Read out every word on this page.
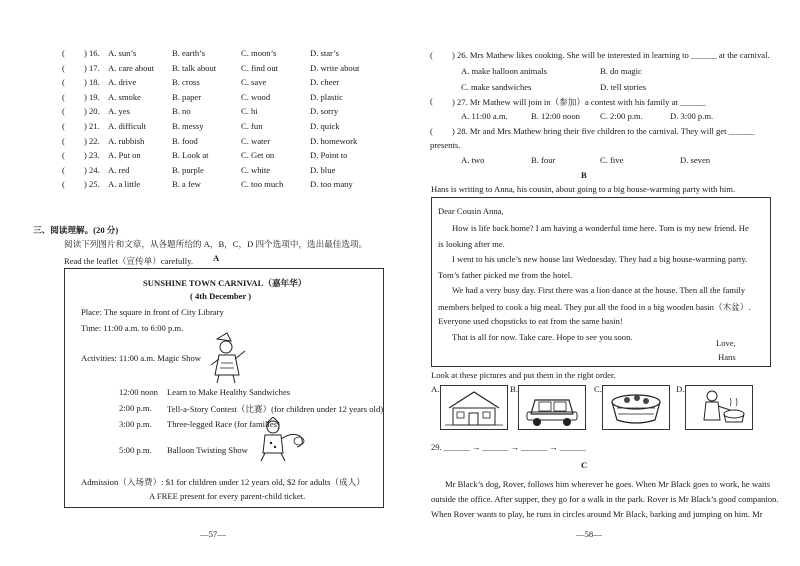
( ) 16. A. sun’s	B. earth’s	C. moon’s	D. star’s
( ) 17. A. care about B. talk about	C. find out	D. write about
( ) 18. A. drive	B. cross	C. save	D. cheer
( ) 19. A. smoke	B. paper	C. wood	D. plastic
( ) 20. A. yes	B. no	C. hi	D. sorry
( ) 21. A. difficult	B. messy	C. fun	D. quick
( ) 22. A. rubbish	B. food	C. water	D. homework
( ) 23. A. Put on	B. Look at	C. Get on	D. Point to
( ) 24. A. red	B. purple	C. white	D. blue
( ) 25. A. a little	B. a few	C. too much	D. too many
三、阅读理解。(20 分)
阅读下列图片和文章，从各题所给的 A，B，C，D 四个选项中，选出最佳选项。
A
Read the leaflet（宣传单）carefully.
SUNSHINE TOWN CARNIVAL（嘉年华）
( 4th December )
Place: The square in front of City Library
Time: 11:00 a.m. to 6:00 p.m.
Activities: 11:00 a.m. Magic Show
12:00 noon Learn to Make Healthy Sandwiches
2:00 p.m. Tell-a-Story Contest（比赛）(for children under 12 years old)
3:00 p.m. Three-legged Race (for families)
5:00 p.m. Balloon Twisting Show
Admission（入场费）: $1 for children under 12 years old, $2 for adults（成人）
A FREE present for every parent-child ticket.
—57—
( ) 26. Mrs Mathew likes cooking. She will be interested in learning to ______ at the carnival.
A. make balloon animals	B. do magic
C. make sandwiches	D. tell stories
( ) 27. Mr Mathew will join in（参加）a contest with his family at ______
A. 11:00 a.m.	B. 12:00 noon C. 2:00 p.m.	D. 3:00 p.m.
( ) 28. Mr and Mrs Mathew bring their five children to the carnival. They will get ______
presents.
A. two	B. four	C. five	D. seven
B
Hans is writing to Anna, his cousin, about going to a big house-warming party with him.
Dear Cousin Anna,
How is life back home? I am having a wonderful time here. Tom is my new friend. He
is looking after me.
I went to his uncle’s new house last Wednesday. They had a big house-warming party.
Tom’s father picked me from the hotel.
We had a very busy day. First there was a lion dance at the house. Then all the family
members helped to cook a big meal. They put all the food in a big wooden basin（木盆）.
Everyone used chopsticks to eat from the same basin!
That is all for now. Take care. Hope to see you soon.
Love,
Hans
Look at these pictures and put them in the right order.
A.	B.	C.	D.
29. ______ → ______ → ______ → ______
C
Mr Black’s dog, Rover, follows him wherever he goes. When Mr Black goes to work, he waits
outside the office. After supper, they go for a walk in the park. Rover is Mr Black’s good companion.
When Rover wants to play, he runs in circles around Mr Black, barking and jumping on him. Mr
—58—
